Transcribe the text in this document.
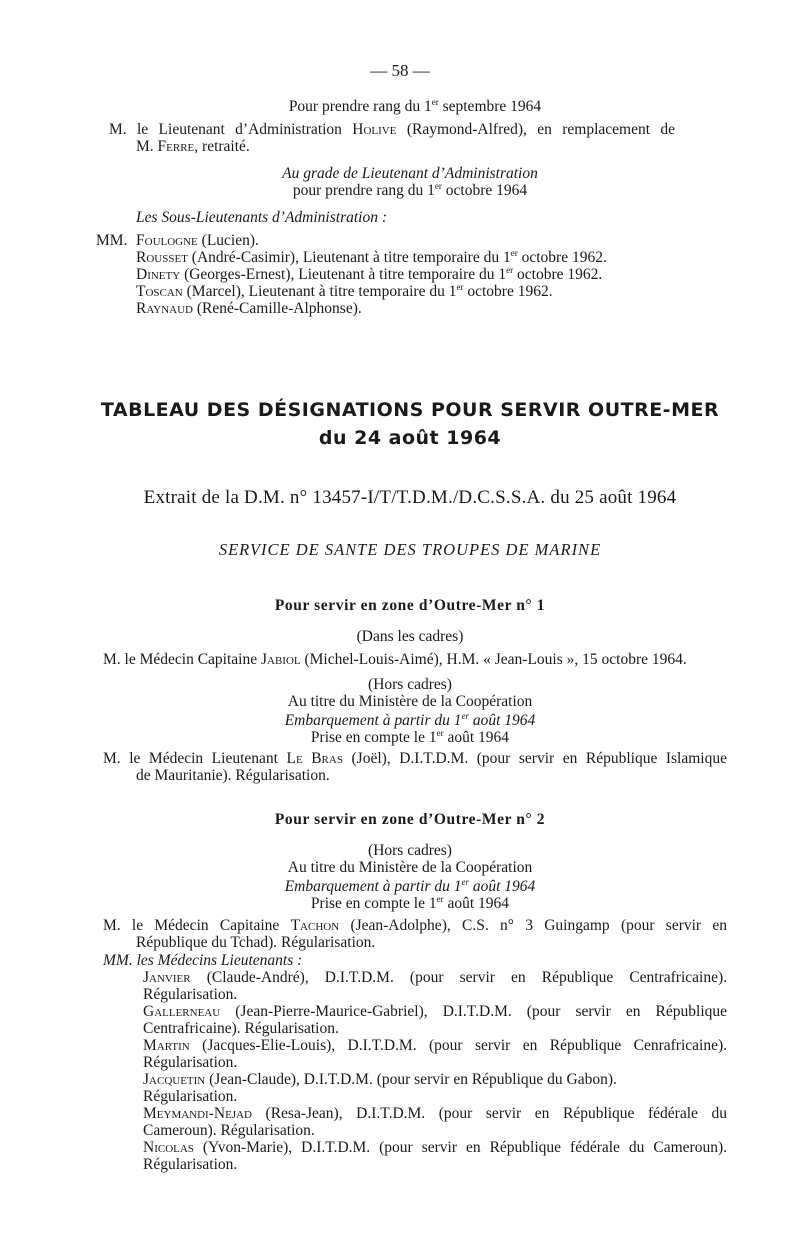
— 58 —
Pour prendre rang du 1er septembre 1964
M. le Lieutenant d’Administration Holive (Raymond-Alfred), en remplacement de
M. Ferre, retraité.
Au grade de Lieutenant d’Administration
pour prendre rang du 1er octobre 1964
Les Sous-Lieutenants d’Administration :
MM. Foulogne (Lucien).
Rousset (André-Casimir), Lieutenant à titre temporaire du 1er octobre 1962.
Dinety (Georges-Ernest), Lieutenant à titre temporaire du 1er octobre 1962.
Toscan (Marcel), Lieutenant à titre temporaire du 1er octobre 1962.
Raynaud (René-Camille-Alphonse).
TABLEAU DES DÉSIGNATIONS POUR SERVIR OUTRE-MER
du 24 août 1964
Extrait de la D.M. n° 13457-I/T/T.D.M./D.C.S.S.A. du 25 août 1964
SERVICE DE SANTE DES TROUPES DE MARINE
Pour servir en zone d’Outre-Mer n° 1
(Dans les cadres)
M. le Médecin Capitaine Jabiol (Michel-Louis-Aimé), H.M. « Jean-Louis », 15 octobre 1964.
(Hors cadres)
Au titre du Ministère de la Coopération
Embarquement à partir du 1er août 1964
Prise en compte le 1er août 1964
M. le Médecin Lieutenant Le Bras (Joël), D.I.T.D.M. (pour servir en République Islamique
de Mauritanie). Régularisation.
Pour servir en zone d’Outre-Mer n° 2
(Hors cadres)
Au titre du Ministère de la Coopération
Embarquement à partir du 1er août 1964
Prise en compte le 1er août 1964
M. le Médecin Capitaine Tachon (Jean-Adolphe), C.S. n° 3 Guingamp (pour servir en
République du Tchad). Régularisation.
MM. les Médecins Lieutenants :
Janvier (Claude-André), D.I.T.D.M. (pour servir en République Centrafricaine).
Régularisation.
Gallerneau (Jean-Pierre-Maurice-Gabriel), D.I.T.D.M. (pour servir en République
Centrafricaine). Régularisation.
Martin (Jacques-Elie-Louis), D.I.T.D.M. (pour servir en République Cenrafricaine).
Régularisation.
Jacquetin (Jean-Claude), D.I.T.D.M. (pour servir en République du Gabon).
Régularisation.
Meymandi-Nejad (Resa-Jean), D.I.T.D.M. (pour servir en République fédérale du
Cameroun). Régularisation.
Nicolas (Yvon-Marie), D.I.T.D.M. (pour servir en République fédérale du Cameroun).
Régularisation.
